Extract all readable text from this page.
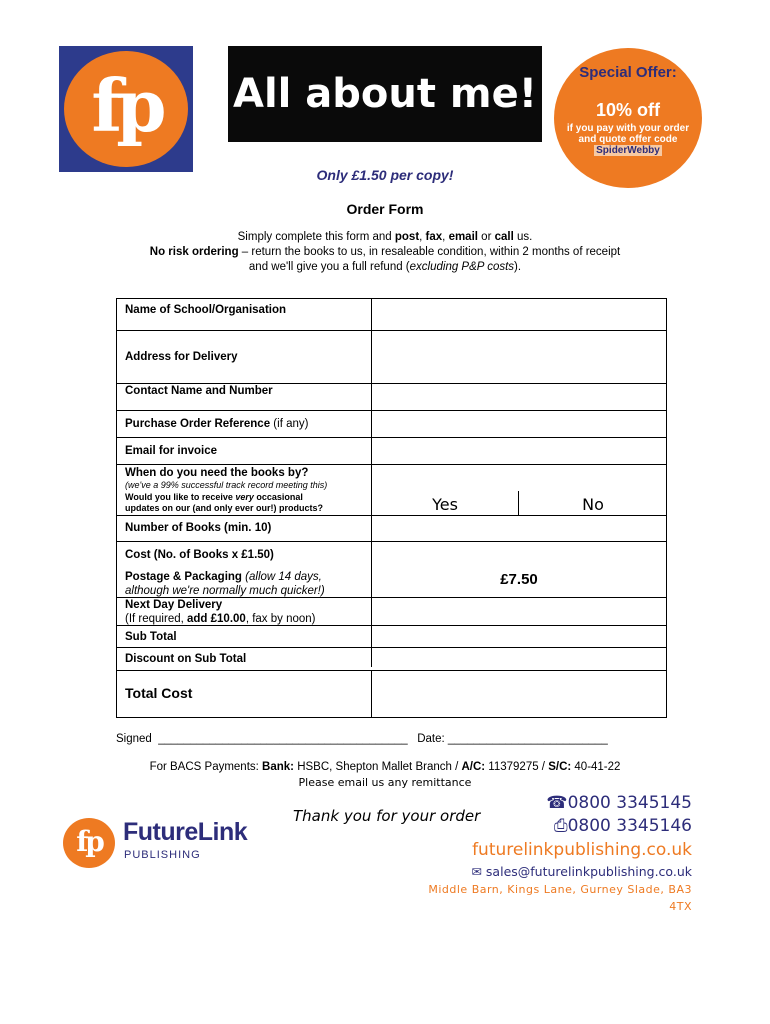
fp All about me!	Special Offer:
10% off
if you pay with your order and quote offer code SpiderWebby
Only £1.50 per copy!
Order Form
Simply complete this form and post, fax, email or call us.
No risk ordering – return the books to us, in resaleable condition, within 2 months of receipt
and we'll give you a full refund (excluding P&P costs).
Name of School/Organisation
Address for Delivery
Contact Name and Number
Purchase Order Reference (if any)
Email for invoice
When do you need the books by?
(we've a 99% successful track record meeting this)
Would you like to receive very occasional
updates on our (and only ever our!) products?	Yes	No
Number of Books (min. 10)
Cost (No. of Books x £1.50)
Postage & Packaging (allow 14 days,
although we're normally much quicker!)
£7.50
Next Day Delivery
(If required, add £10.00, fax by noon)
Sub Total
Discount on Sub Total
Total Cost
Signed  _______________________________________   Date: _________________________
For BACS Payments: Bank: HSBC, Shepton Mallet Branch / A/C: 11379275 / S/C: 40-41-22
Please email us any remittance
Thank you for your order
fp FutureLink
PUBLISHING
☎0800 3345145
⎙0800 3345146
futurelinkpublishing.co.uk
✉ sales@futurelinkpublishing.co.uk
Middle Barn, Kings Lane, Gurney Slade, BA3 4TX
